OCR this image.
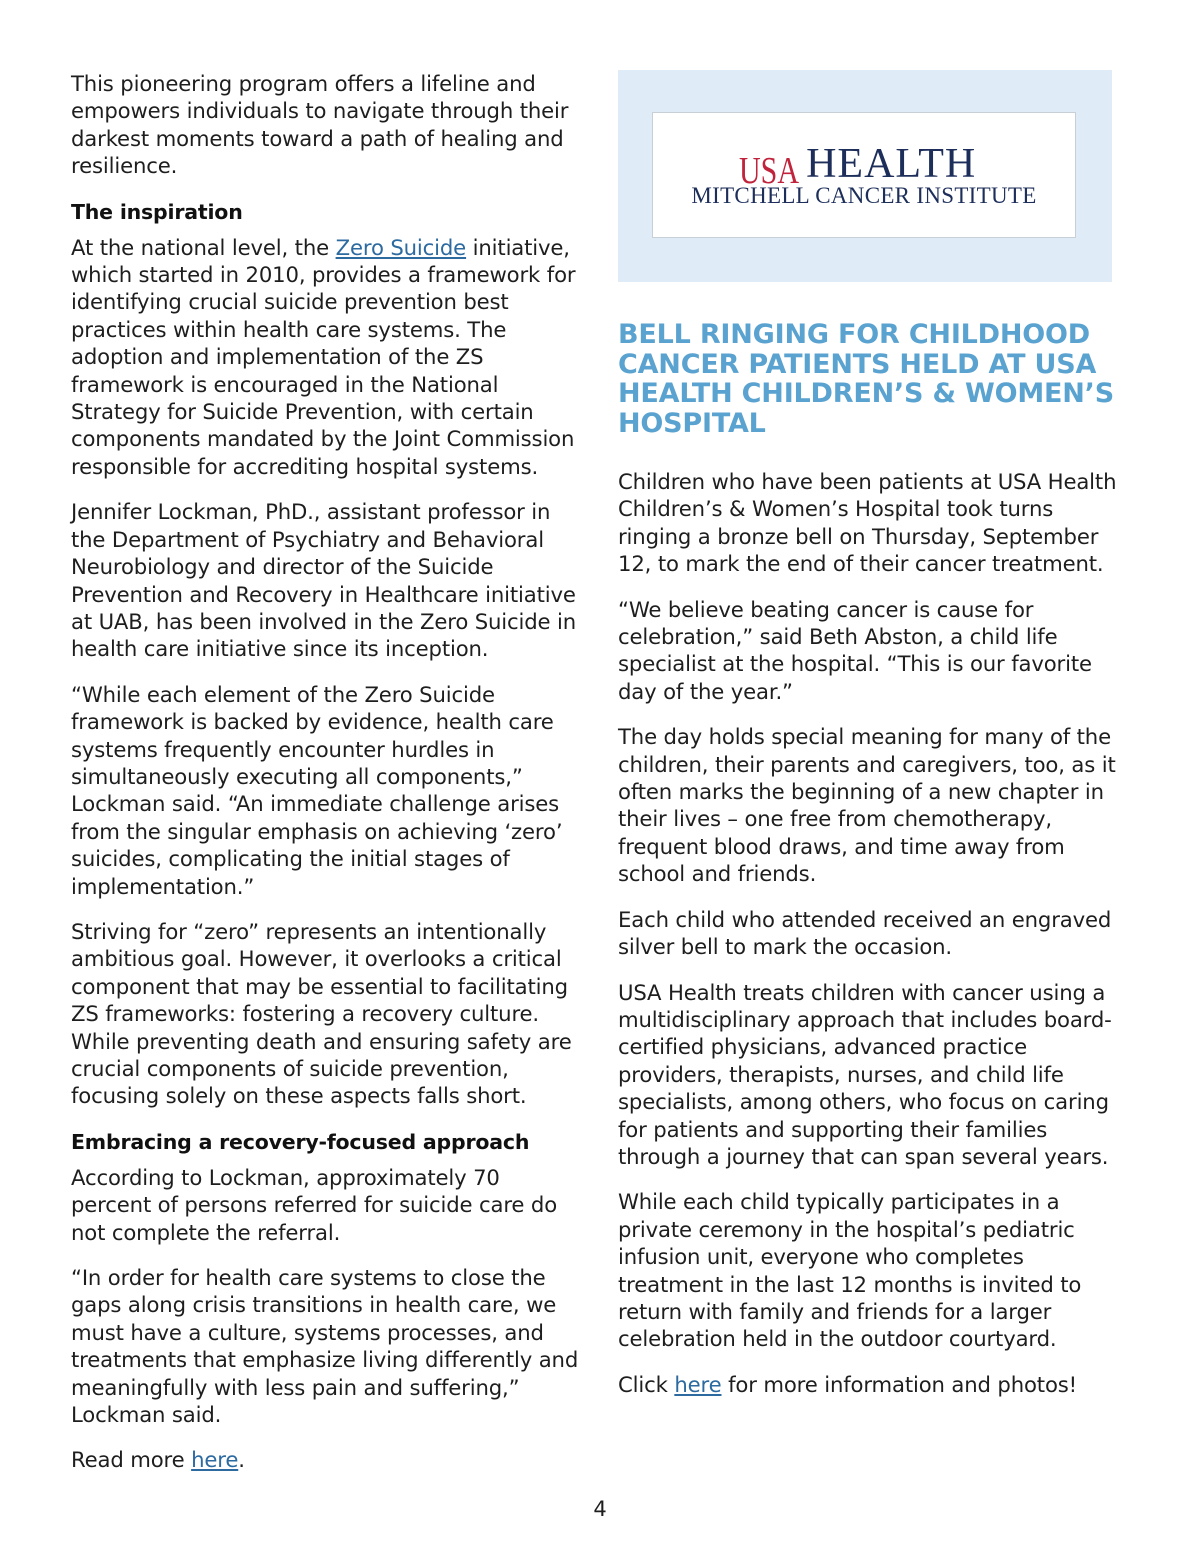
This pioneering program offers a lifeline and empowers individuals to navigate through their darkest moments toward a path of healing and resilience.

The inspiration

At the national level, the Zero Suicide initiative, which started in 2010, provides a framework for identifying crucial suicide prevention best practices within health care systems. The adoption and implementation of the ZS framework is encouraged in the National Strategy for Suicide Prevention, with certain components mandated by the Joint Commission responsible for accrediting hospital systems.

Jennifer Lockman, PhD., assistant professor in the Department of Psychiatry and Behavioral Neurobiology and director of the Suicide Prevention and Recovery in Healthcare initiative at UAB, has been involved in the Zero Suicide in health care initiative since its inception.

“While each element of the Zero Suicide framework is backed by evidence, health care systems frequently encounter hurdles in simultaneously executing all components,” Lockman said. “An immediate challenge arises from the singular emphasis on achieving ‘zero’ suicides, complicating the initial stages of implementation.”

Striving for “zero” represents an intentionally ambitious goal. However, it overlooks a critical component that may be essential to facilitating ZS frameworks: fostering a recovery culture. While preventing death and ensuring safety are crucial components of suicide prevention, focusing solely on these aspects falls short.

Embracing a recovery-focused approach

According to Lockman, approximately 70 percent of persons referred for suicide care do not complete the referral.

“In order for health care systems to close the gaps along crisis transitions in health care, we must have a culture, systems processes, and treatments that emphasize living differently and meaningfully with less pain and suffering,” Lockman said.

Read more here.

USA HEALTH
MITCHELL CANCER INSTITUTE
BELL RINGING FOR CHILDHOOD CANCER PATIENTS HELD AT USA HEALTH CHILDREN’S & WOMEN’S HOSPITAL

Children who have been patients at USA Health Children’s & Women’s Hospital took turns ringing a bronze bell on Thursday, September 12, to mark the end of their cancer treatment.

“We believe beating cancer is cause for celebration,” said Beth Abston, a child life specialist at the hospital. “This is our favorite day of the year.”

The day holds special meaning for many of the children, their parents and caregivers, too, as it often marks the beginning of a new chapter in their lives – one free from chemotherapy, frequent blood draws, and time away from school and friends.

Each child who attended received an engraved silver bell to mark the occasion.

USA Health treats children with cancer using a multidisciplinary approach that includes board-certified physicians, advanced practice providers, therapists, nurses, and child life specialists, among others, who focus on caring for patients and supporting their families through a journey that can span several years.

While each child typically participates in a private ceremony in the hospital’s pediatric infusion unit, everyone who completes treatment in the last 12 months is invited to return with family and friends for a larger celebration held in the outdoor courtyard.

Click here for more information and photos!

4
